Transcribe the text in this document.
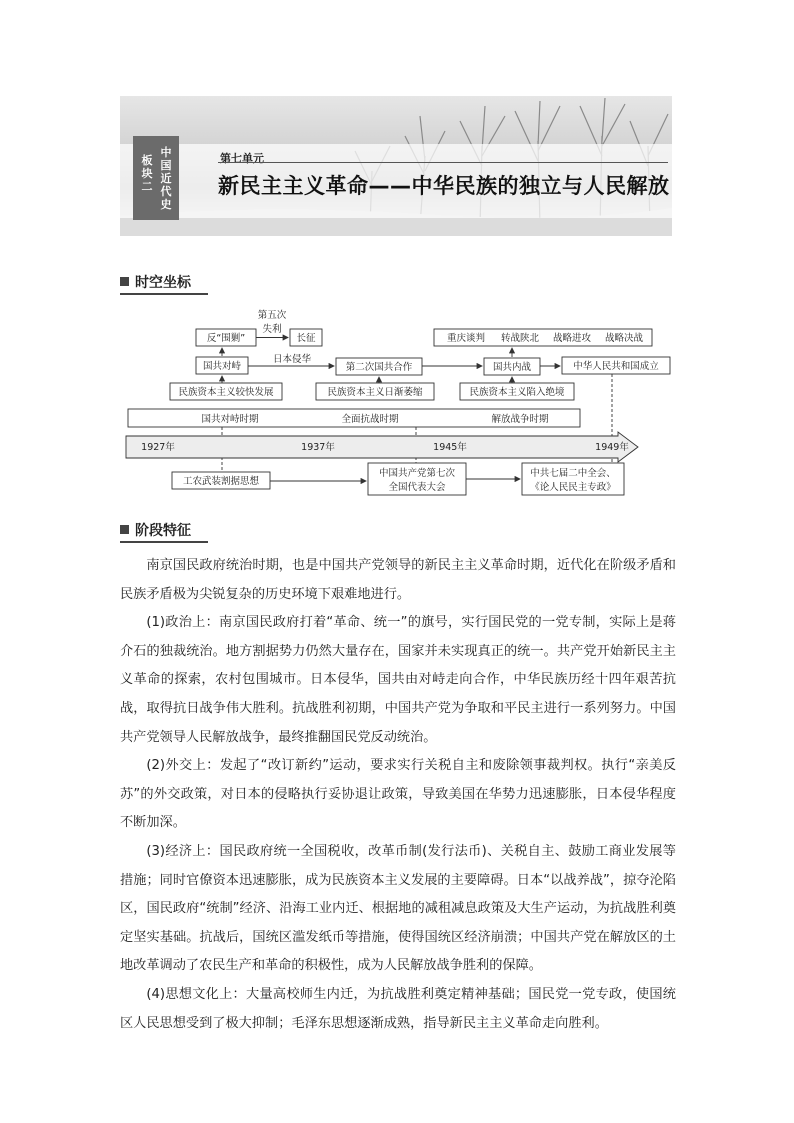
板块二
中国近代史
第七单元
新民主主义革命——中华民族的独立与人民解放
时空坐标
第五次
失利
日本侵华
反“围剿”	长征
国共对峙	第二次国共合作	国共内战	中华人民共和国成立
重庆谈判 转战陕北 战略进攻 战略决战
民族资本主义较快发展	民族资本主义日渐萎缩	民族资本主义陷入绝境
国共对峙时期	全面抗战时期	解放战争时期
1927年	1937年	1945年	1949年
工农武装割据思想
中国共产党第七次
全国代表大会
中共七届二中全会、
《论人民民主专政》
阶段特征

南京国民政府统治时期，也是中国共产党领导的新民主主义革命时期，近代化在阶级矛盾和民族矛盾极为尖锐复杂的历史环境下艰难地进行。

(1)政治上：南京国民政府打着“革命、统一”的旗号，实行国民党的一党专制，实际上是蒋介石的独裁统治。地方割据势力仍然大量存在，国家并未实现真正的统一。共产党开始新民主主义革命的探索，农村包围城市。日本侵华，国共由对峙走向合作，中华民族历经十四年艰苦抗战，取得抗日战争伟大胜利。抗战胜利初期，中国共产党为争取和平民主进行一系列努力。中国共产党领导人民解放战争，最终推翻国民党反动统治。

(2)外交上：发起了“改订新约”运动，要求实行关税自主和废除领事裁判权。执行“亲美反苏”的外交政策，对日本的侵略执行妥协退让政策，导致美国在华势力迅速膨胀，日本侵华程度不断加深。

(3)经济上：国民政府统一全国税收，改革币制(发行法币)、关税自主、鼓励工商业发展等措施；同时官僚资本迅速膨胀，成为民族资本主义发展的主要障碍。日本“以战养战”，掠夺沦陷区，国民政府“统制”经济、沿海工业内迁、根据地的减租减息政策及大生产运动，为抗战胜利奠定坚实基础。抗战后，国统区滥发纸币等措施，使得国统区经济崩溃；中国共产党在解放区的土地改革调动了农民生产和革命的积极性，成为人民解放战争胜利的保障。

(4)思想文化上：大量高校师生内迁，为抗战胜利奠定精神基础；国民党一党专政，使国统区人民思想受到了极大抑制；毛泽东思想逐渐成熟，指导新民主主义革命走向胜利。
